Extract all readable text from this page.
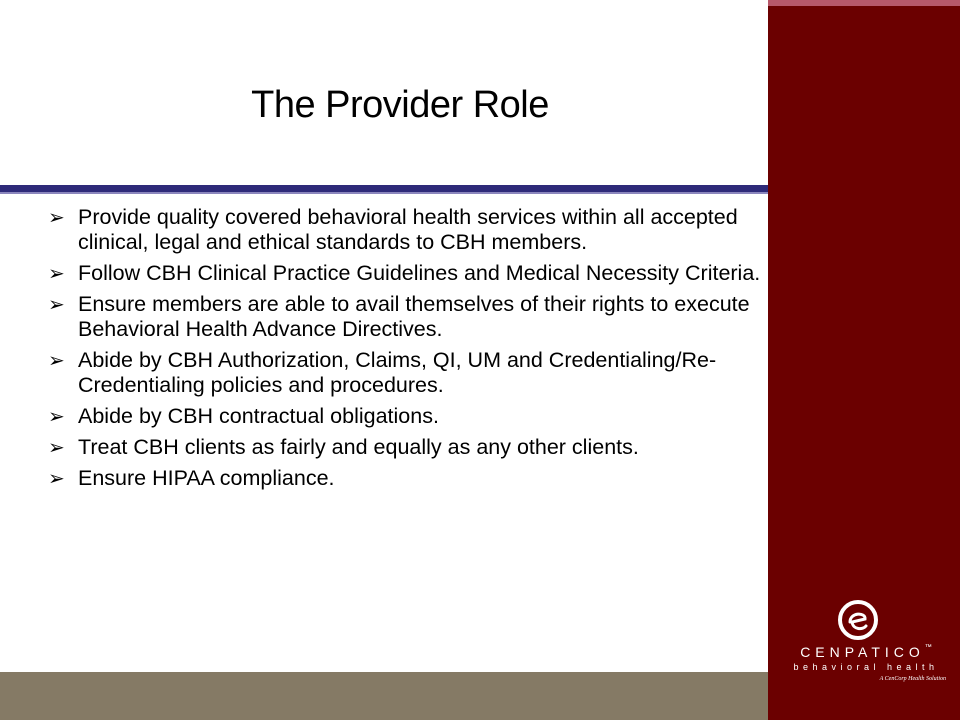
The Provider Role
➢ Provide quality covered behavioral health services within all accepted clinical, legal and ethical standards to CBH members.
➢ Follow CBH Clinical Practice Guidelines and Medical Necessity Criteria.
➢ Ensure members are able to avail themselves of their rights to execute Behavioral Health Advance Directives.
➢ Abide by CBH Authorization, Claims, QI, UM and Credentialing/Re-Credentialing policies and procedures.
➢ Abide by CBH contractual obligations.
➢ Treat CBH clients as fairly and equally as any other clients.
➢ Ensure HIPAA compliance.
CENPATICO™
behavioral health
A CenCorp Health Solution
